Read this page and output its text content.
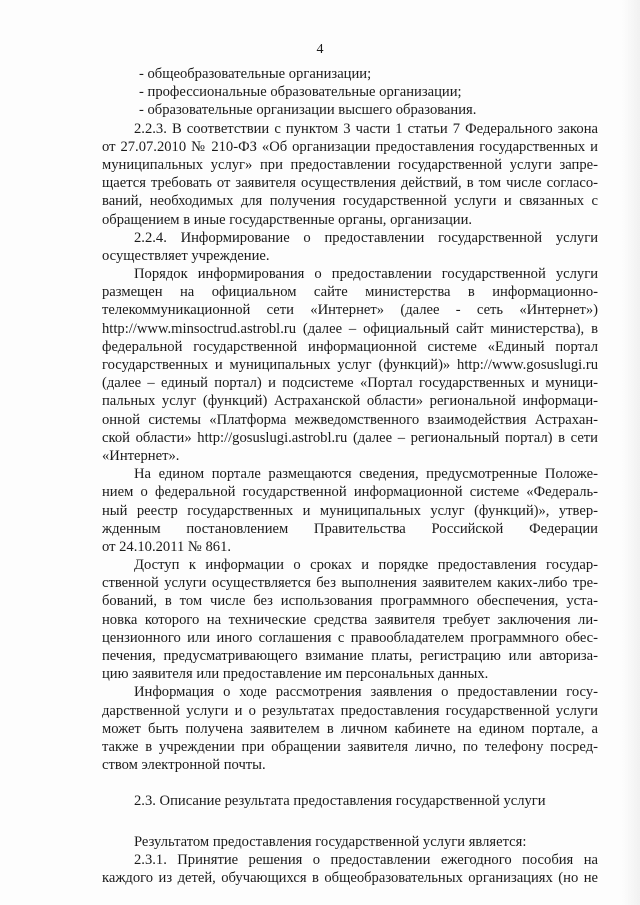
4
- общеобразовательные организации;
- профессиональные образовательные организации;
- образовательные организации высшего образования.
2.2.3. В соответствии с пунктом 3 части 1 статьи 7 Федерального закона
от 27.07.2010 № 210-ФЗ «Об организации предоставления государственных и
муниципальных услуг» при предоставлении государственной услуги запре-
щается требовать от заявителя осуществления действий, в том числе согласо-
ваний, необходимых для получения государственной услуги и связанных с
обращением в иные государственные органы, организации.
2.2.4. Информирование о предоставлении государственной услуги
осуществляет учреждение.
Порядок информирования о предоставлении государственной услуги
размещен на официальном сайте министерства в информационно-
телекоммуникационной сети «Интернет» (далее - сеть «Интернет»)
http://www.minsoctrud.astrobl.ru (далее – официальный сайт министерства), в
федеральной государственной информационной системе «Единый портал
государственных и муниципальных услуг (функций)» http://www.gosuslugi.ru
(далее – единый портал) и подсистеме «Портал государственных и муници-
пальных услуг (функций) Астраханской области» региональной информаци-
онной системы «Платформа межведомственного взаимодействия Астрахан-
ской области» http://gosuslugi.astrobl.ru (далее – региональный портал) в сети
«Интернет».
На едином портале размещаются сведения, предусмотренные Положе-
нием о федеральной государственной информационной системе «Федераль-
ный реестр государственных и муниципальных услуг (функций)», утвер-
жденным постановлением Правительства Российской Федерации
от 24.10.2011 № 861.
Доступ к информации о сроках и порядке предоставления государ-
ственной услуги осуществляется без выполнения заявителем каких-либо тре-
бований, в том числе без использования программного обеспечения, уста-
новка которого на технические средства заявителя требует заключения ли-
цензионного или иного соглашения с правообладателем программного обес-
печения, предусматривающего взимание платы, регистрацию или авториза-
цию заявителя или предоставление им персональных данных.
Информация о ходе рассмотрения заявления о предоставлении госу-
дарственной услуги и о результатах предоставления государственной услуги
может быть получена заявителем в личном кабинете на едином портале, а
также в учреждении при обращении заявителя лично, по телефону посред-
ством электронной почты.
2.3. Описание результата предоставления государственной услуги
Результатом предоставления государственной услуги является:
2.3.1. Принятие решения о предоставлении ежегодного пособия на
каждого из детей, обучающихся в общеобразовательных организациях (но не
